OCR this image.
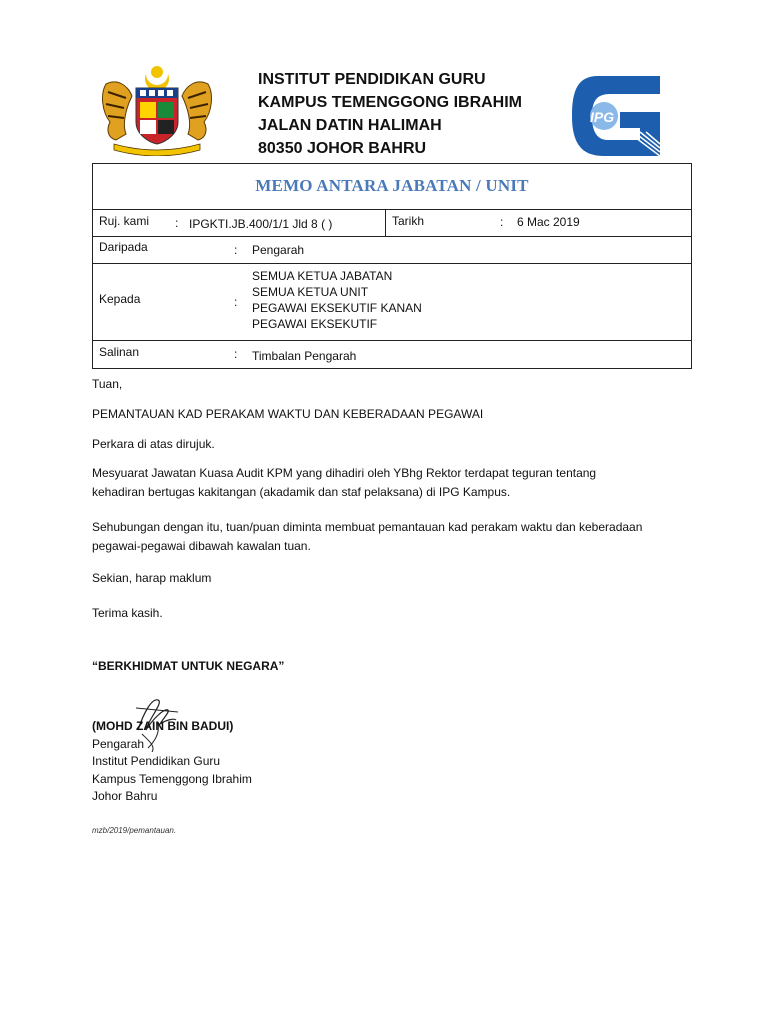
INSTITUT PENDIDIKAN GURU
KAMPUS TEMENGGONG IBRAHIM
JALAN DATIN HALIMAH
80350 JOHOR BAHRU
IPG
MEMO ANTARA JABATAN / UNIT
Ruj. kami : IPGKTI.JB.400/1/1 Jld 8 ( )	Tarikh	: 6 Mac 2019
Daripada	: Pengarah
Kepada	:
SEMUA KETUA JABATAN
SEMUA KETUA UNIT
PEGAWAI EKSEKUTIF KANAN
PEGAWAI EKSEKUTIF
Salinan	: Timbalan Pengarah
Tuan,
PEMANTAUAN KAD PERAKAM WAKTU DAN KEBERADAAN PEGAWAI
Perkara di atas dirujuk.
Mesyuarat Jawatan Kuasa Audit KPM yang dihadiri oleh YBhg Rektor terdapat teguran tentang
kehadiran bertugas kakitangan (akadamik dan staf pelaksana) di IPG Kampus.
Sehubungan dengan itu, tuan/puan diminta membuat pemantauan kad perakam waktu dan keberadaan
pegawai-pegawai dibawah kawalan tuan.
Sekian, harap maklum
Terima kasih.
“BERKHIDMAT UNTUK NEGARA”
(MOHD ZAIN BIN BADUI)
Pengarah
Institut Pendidikan Guru
Kampus Temenggong Ibrahim
Johor Bahru
mzb/2019/pemantauan.
